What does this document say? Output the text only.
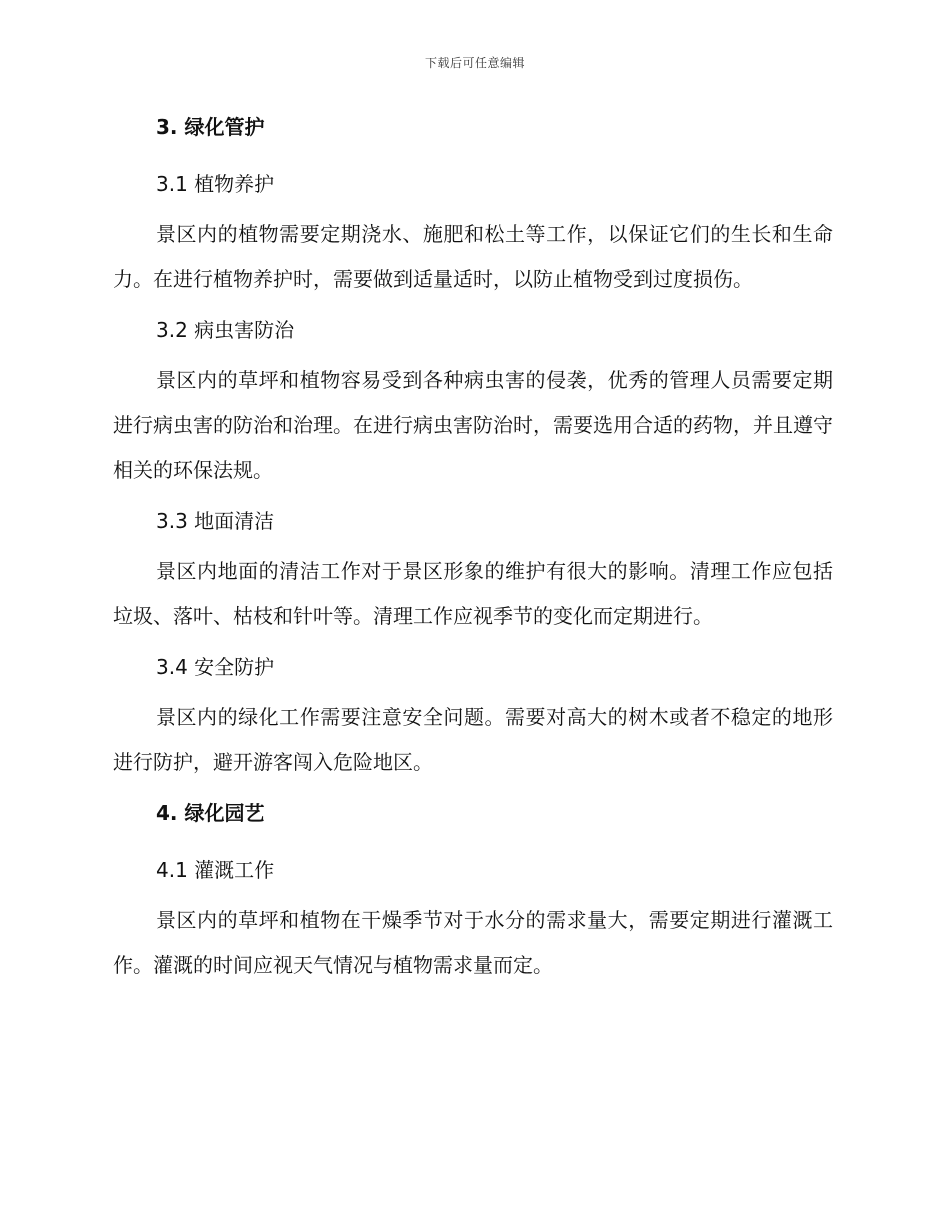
下载后可任意编辑
3. 绿化管护
3.1 植物养护

景区内的植物需要定期浇水、施肥和松土等工作，以保证它们的生长和生命力。在进行植物养护时，需要做到适量适时，以防止植物受到过度损伤。

3.2 病虫害防治

景区内的草坪和植物容易受到各种病虫害的侵袭，优秀的管理人员需要定期进行病虫害的防治和治理。在进行病虫害防治时，需要选用合适的药物，并且遵守相关的环保法规。

3.3 地面清洁

景区内地面的清洁工作对于景区形象的维护有很大的影响。清理工作应包括垃圾、落叶、枯枝和针叶等。清理工作应视季节的变化而定期进行。

3.4 安全防护

景区内的绿化工作需要注意安全问题。需要对高大的树木或者不稳定的地形进行防护，避开游客闯入危险地区。

4. 绿化园艺
4.1 灌溉工作

景区内的草坪和植物在干燥季节对于水分的需求量大，需要定期进行灌溉工作。灌溉的时间应视天气情况与植物需求量而定。
